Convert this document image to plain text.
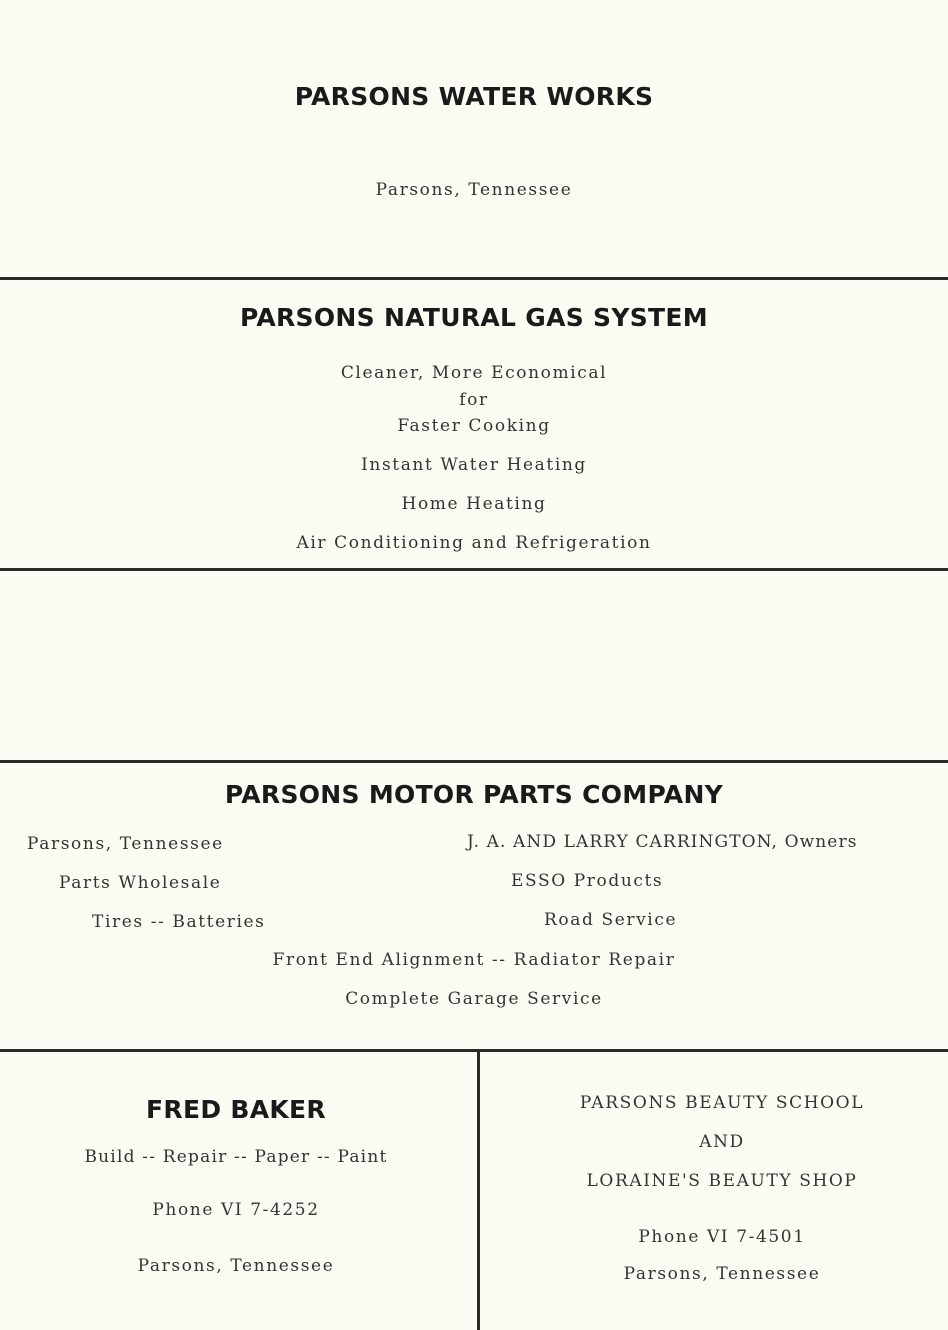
PARSONS WATER WORKS
Parsons, Tennessee
PARSONS NATURAL GAS SYSTEM
Cleaner, More Economical
for
Faster Cooking
Instant Water Heating
Home Heating
Air Conditioning and Refrigeration
PARSONS MOTOR PARTS COMPANY
Parsons, Tennessee
Parts Wholesale
Tires -- Batteries
J. A. AND LARRY CARRINGTON, Owners
ESSO Products
Road Service
Front End Alignment -- Radiator Repair
Complete Garage Service
FRED BAKER
Build -- Repair -- Paper -- Paint
Phone VI 7-4252
Parsons, Tennessee
PARSONS BEAUTY SCHOOL
AND
LORAINE'S BEAUTY SHOP
Phone VI 7-4501
Parsons, Tennessee
